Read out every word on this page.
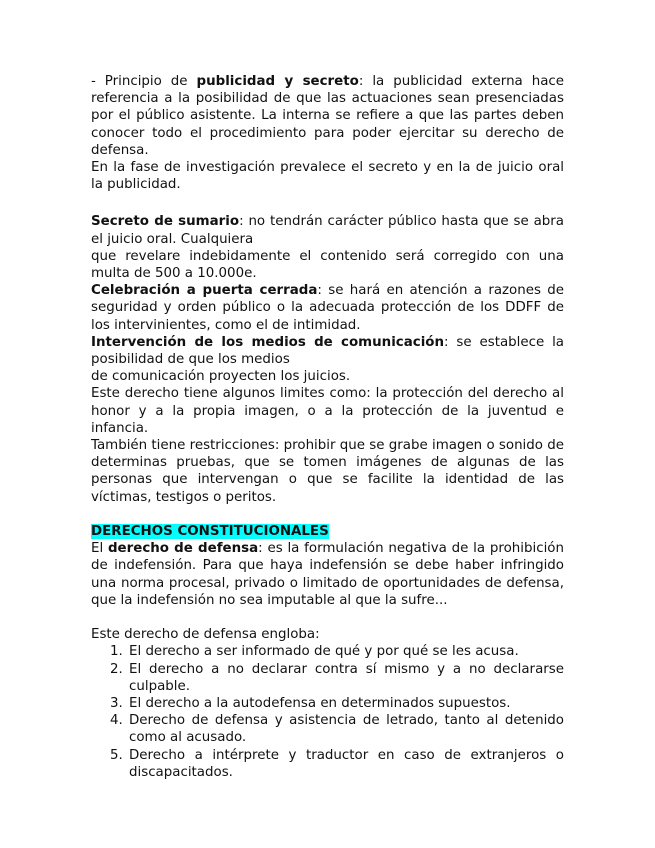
- Principio de publicidad y secreto: la publicidad externa hace referencia a la posibilidad de que las actuaciones sean presenciadas por el público asistente. La interna se refiere a que las partes deben conocer todo el procedimiento para poder ejercitar su derecho de defensa.

En la fase de investigación prevalece el secreto y en la de juicio oral la publicidad.

Secreto de sumario: no tendrán carácter público hasta que se abra el juicio oral. Cualquiera

que revelare indebidamente el contenido será corregido con una multa de 500 a 10.000e.

Celebración a puerta cerrada: se hará en atención a razones de seguridad y orden público o la adecuada protección de los DDFF de los intervinientes, como el de intimidad.

Intervención de los medios de comunicación: se establece la posibilidad de que los medios

de comunicación proyecten los juicios.

Este derecho tiene algunos limites como: la protección del derecho al honor y a la propia imagen, o a la protección de la juventud e infancia.

También tiene restricciones: prohibir que se grabe imagen o sonido de determinas pruebas, que se tomen imágenes de algunas de las personas que intervengan o que se facilite la identidad de las víctimas, testigos o peritos.

DERECHOS CONSTITUCIONALES

El derecho de defensa: es la formulación negativa de la prohibición de indefensión. Para que haya indefensión se debe haber infringido una norma procesal, privado o limitado de oportunidades de defensa, que la indefensión no sea imputable al que la sufre...

Este derecho de defensa engloba:

1. El derecho a ser informado de qué y por qué se les acusa.
2. El derecho a no declarar contra sí mismo y a no declararse culpable.
3. El derecho a la autodefensa en determinados supuestos.
4. Derecho de defensa y asistencia de letrado, tanto al detenido como al acusado.
5. Derecho a intérprete y traductor en caso de extranjeros o discapacitados.
